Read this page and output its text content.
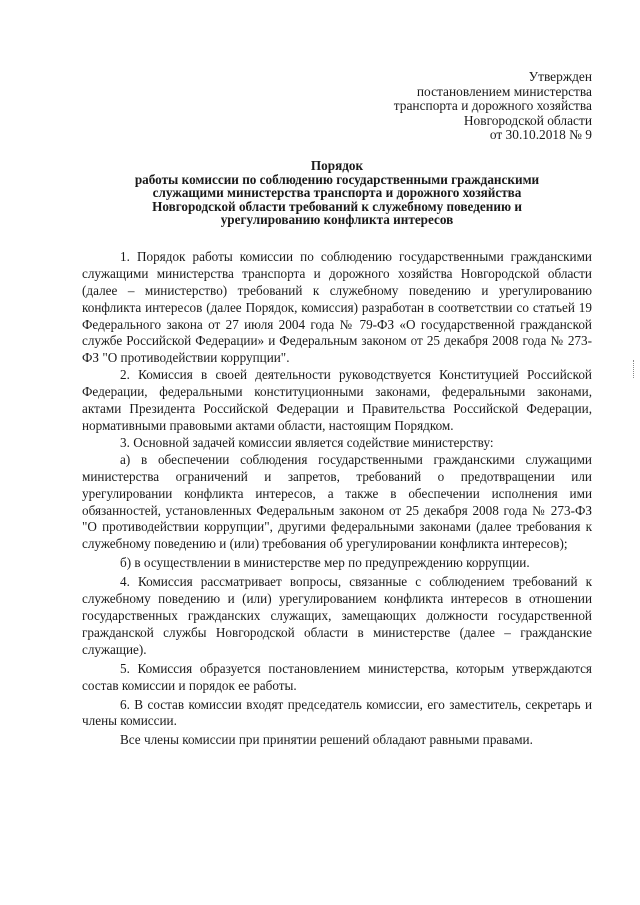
Утвержден
постановлением министерства
транспорта и дорожного хозяйства
Новгородской области
от 30.10.2018 № 9
Порядок
работы комиссии по соблюдению государственными гражданскими
служащими министерства транспорта и дорожного хозяйства
Новгородской области требований к служебному поведению и
урегулированию конфликта интересов

1. Порядок работы комиссии по соблюдению государственными гражданскими служащими министерства транспорта и дорожного хозяйства Новгородской области (далее – министерство) требований к служебному поведению и урегулированию конфликта интересов (далее Порядок, комиссия) разработан в соответствии со статьей 19 Федерального закона от 27 июля 2004 года № 79-ФЗ «О государственной гражданской службе Российской Федерации» и Федеральным законом от 25 декабря 2008 года № 273-ФЗ "О противодействии коррупции".

2. Комиссия в своей деятельности руководствуется Конституцией Российской Федерации, федеральными конституционными законами, федеральными законами, актами Президента Российской Федерации и Правительства Российской Федерации, нормативными правовыми актами области, настоящим Порядком.

3. Основной задачей комиссии является содействие министерству:

а) в обеспечении соблюдения государственными гражданскими служащими министерства ограничений и запретов, требований о предотвращении или урегулировании конфликта интересов, а также в обеспечении исполнения ими обязанностей, установленных Федеральным законом от 25 декабря 2008 года № 273-ФЗ "О противодействии коррупции", другими федеральными законами (далее требования к служебному поведению и (или) требования об урегулировании конфликта интересов);

б) в осуществлении в министерстве мер по предупреждению коррупции.

4. Комиссия рассматривает вопросы, связанные с соблюдением требований к служебному поведению и (или) урегулированием конфликта интересов в отношении государственных гражданских служащих, замещающих должности государственной гражданской службы Новгородской области в министерстве (далее – гражданские служащие).

5. Комиссия образуется постановлением министерства, которым утверждаются состав комиссии и порядок ее работы.

6. В состав комиссии входят председатель комиссии, его заместитель, секретарь и члены комиссии.

Все члены комиссии при принятии решений обладают равными правами.
